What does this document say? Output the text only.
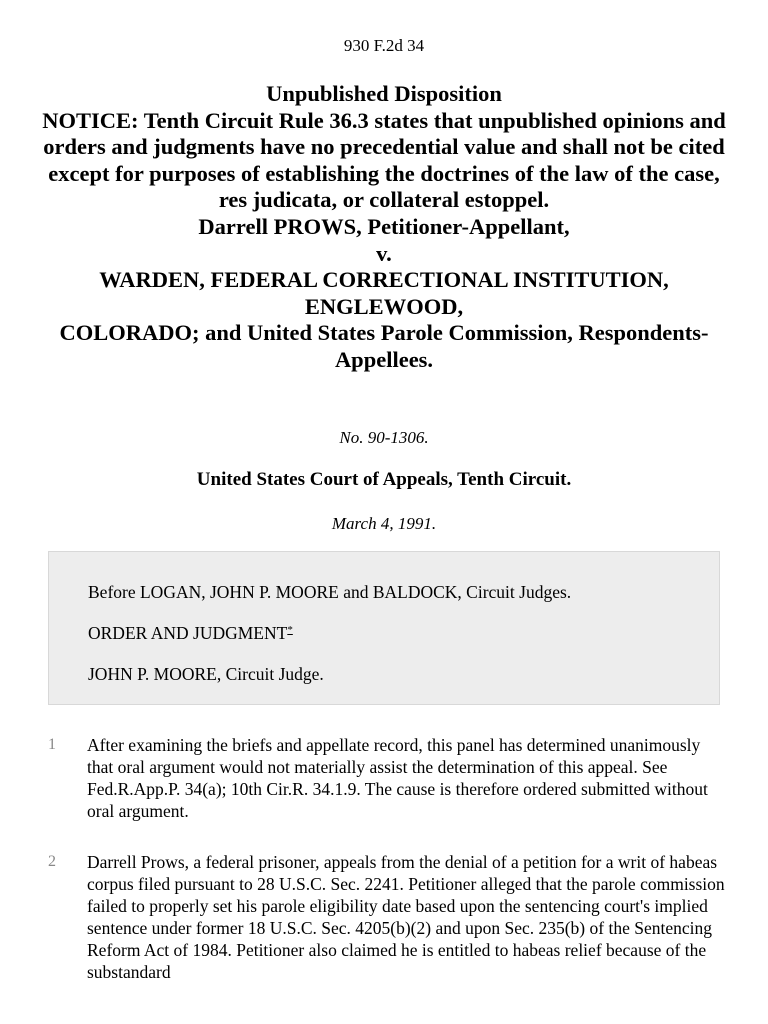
930 F.2d 34
Unpublished Disposition
NOTICE: Tenth Circuit Rule 36.3 states that unpublished opinions and orders and judgments have no precedential value and shall not be cited except for purposes of establishing the doctrines of the law of the case, res judicata, or collateral estoppel.
Darrell PROWS, Petitioner-Appellant,
v.
WARDEN, FEDERAL CORRECTIONAL INSTITUTION, ENGLEWOOD,
COLORADO; and United States Parole Commission, Respondents-Appellees.
No. 90-1306.
United States Court of Appeals, Tenth Circuit.
March 4, 1991.

Before LOGAN, JOHN P. MOORE and BALDOCK, Circuit Judges.

ORDER AND JUDGMENT*

JOHN P. MOORE, Circuit Judge.

1 After examining the briefs and appellate record, this panel has determined unanimously that oral argument would not materially assist the determination of this appeal. See Fed.R.App.P. 34(a); 10th Cir.R. 34.1.9. The cause is therefore ordered submitted without oral argument.
2 Darrell Prows, a federal prisoner, appeals from the denial of a petition for a writ of habeas corpus filed pursuant to 28 U.S.C. Sec. 2241. Petitioner alleged that the parole commission failed to properly set his parole eligibility date based upon the sentencing court's implied sentence under former 18 U.S.C. Sec. 4205(b)(2) and upon Sec. 235(b) of the Sentencing Reform Act of 1984. Petitioner also claimed he is entitled to habeas relief because of the substandard
